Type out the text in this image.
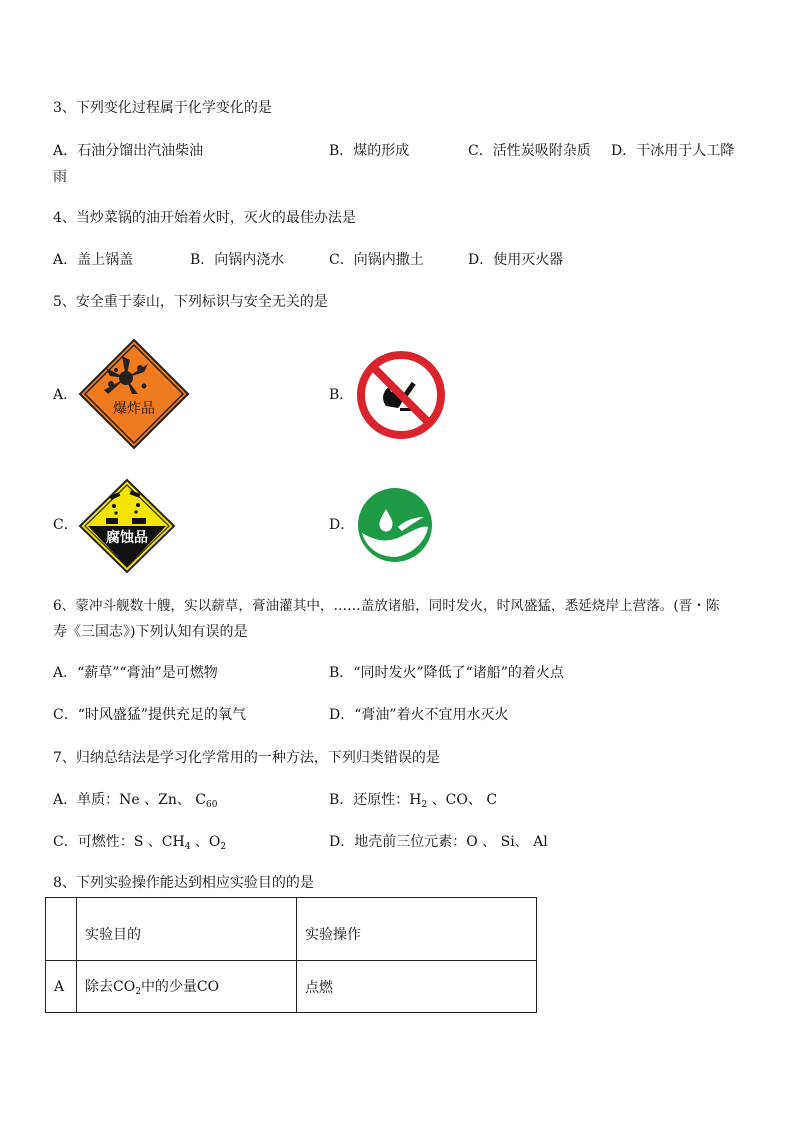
3、下列变化过程属于化学变化的是
A．石油分馏出汽油柴油	B．煤的形成	C．活性炭吸附杂质 D．干冰用于人工降
雨
4、当炒菜锅的油开始着火时，灭火的最佳办法是
A．盖上锅盖	B．向锅内浇水	C．向锅内撒土	D．使用灭火器
5、安全重于泰山，下列标识与安全无关的是
A．
爆炸品
B．
C．
腐蚀品
D．
6、蒙冲斗舰数十艘，实以薪草，膏油灌其中，……盖放诸船，同时发火，时风盛猛，悉延烧岸上营落。(晋・陈
寿《三国志》)下列认知有误的是
A．“薪草”“膏油”是可燃物	B．“同时发火”降低了“诸船”的着火点
C．“时风盛猛”提供充足的氧气	D．“膏油”着火不宜用水灭火
7、归纳总结法是学习化学常用的一种方法，下列归类错误的是
A．单质：Ne 、Zn、 $C_{60}$	B．还原性：$H_2$ 、CO、 C
C．可燃性：S 、$CH_4$ 、$O_2$	D．地壳前三位元素：O 、 Si、 Al
8、下列实验操作能达到相应实验目的的是
	实验目的	实验操作
A	除去$CO_2$中的少量CO	点燃
